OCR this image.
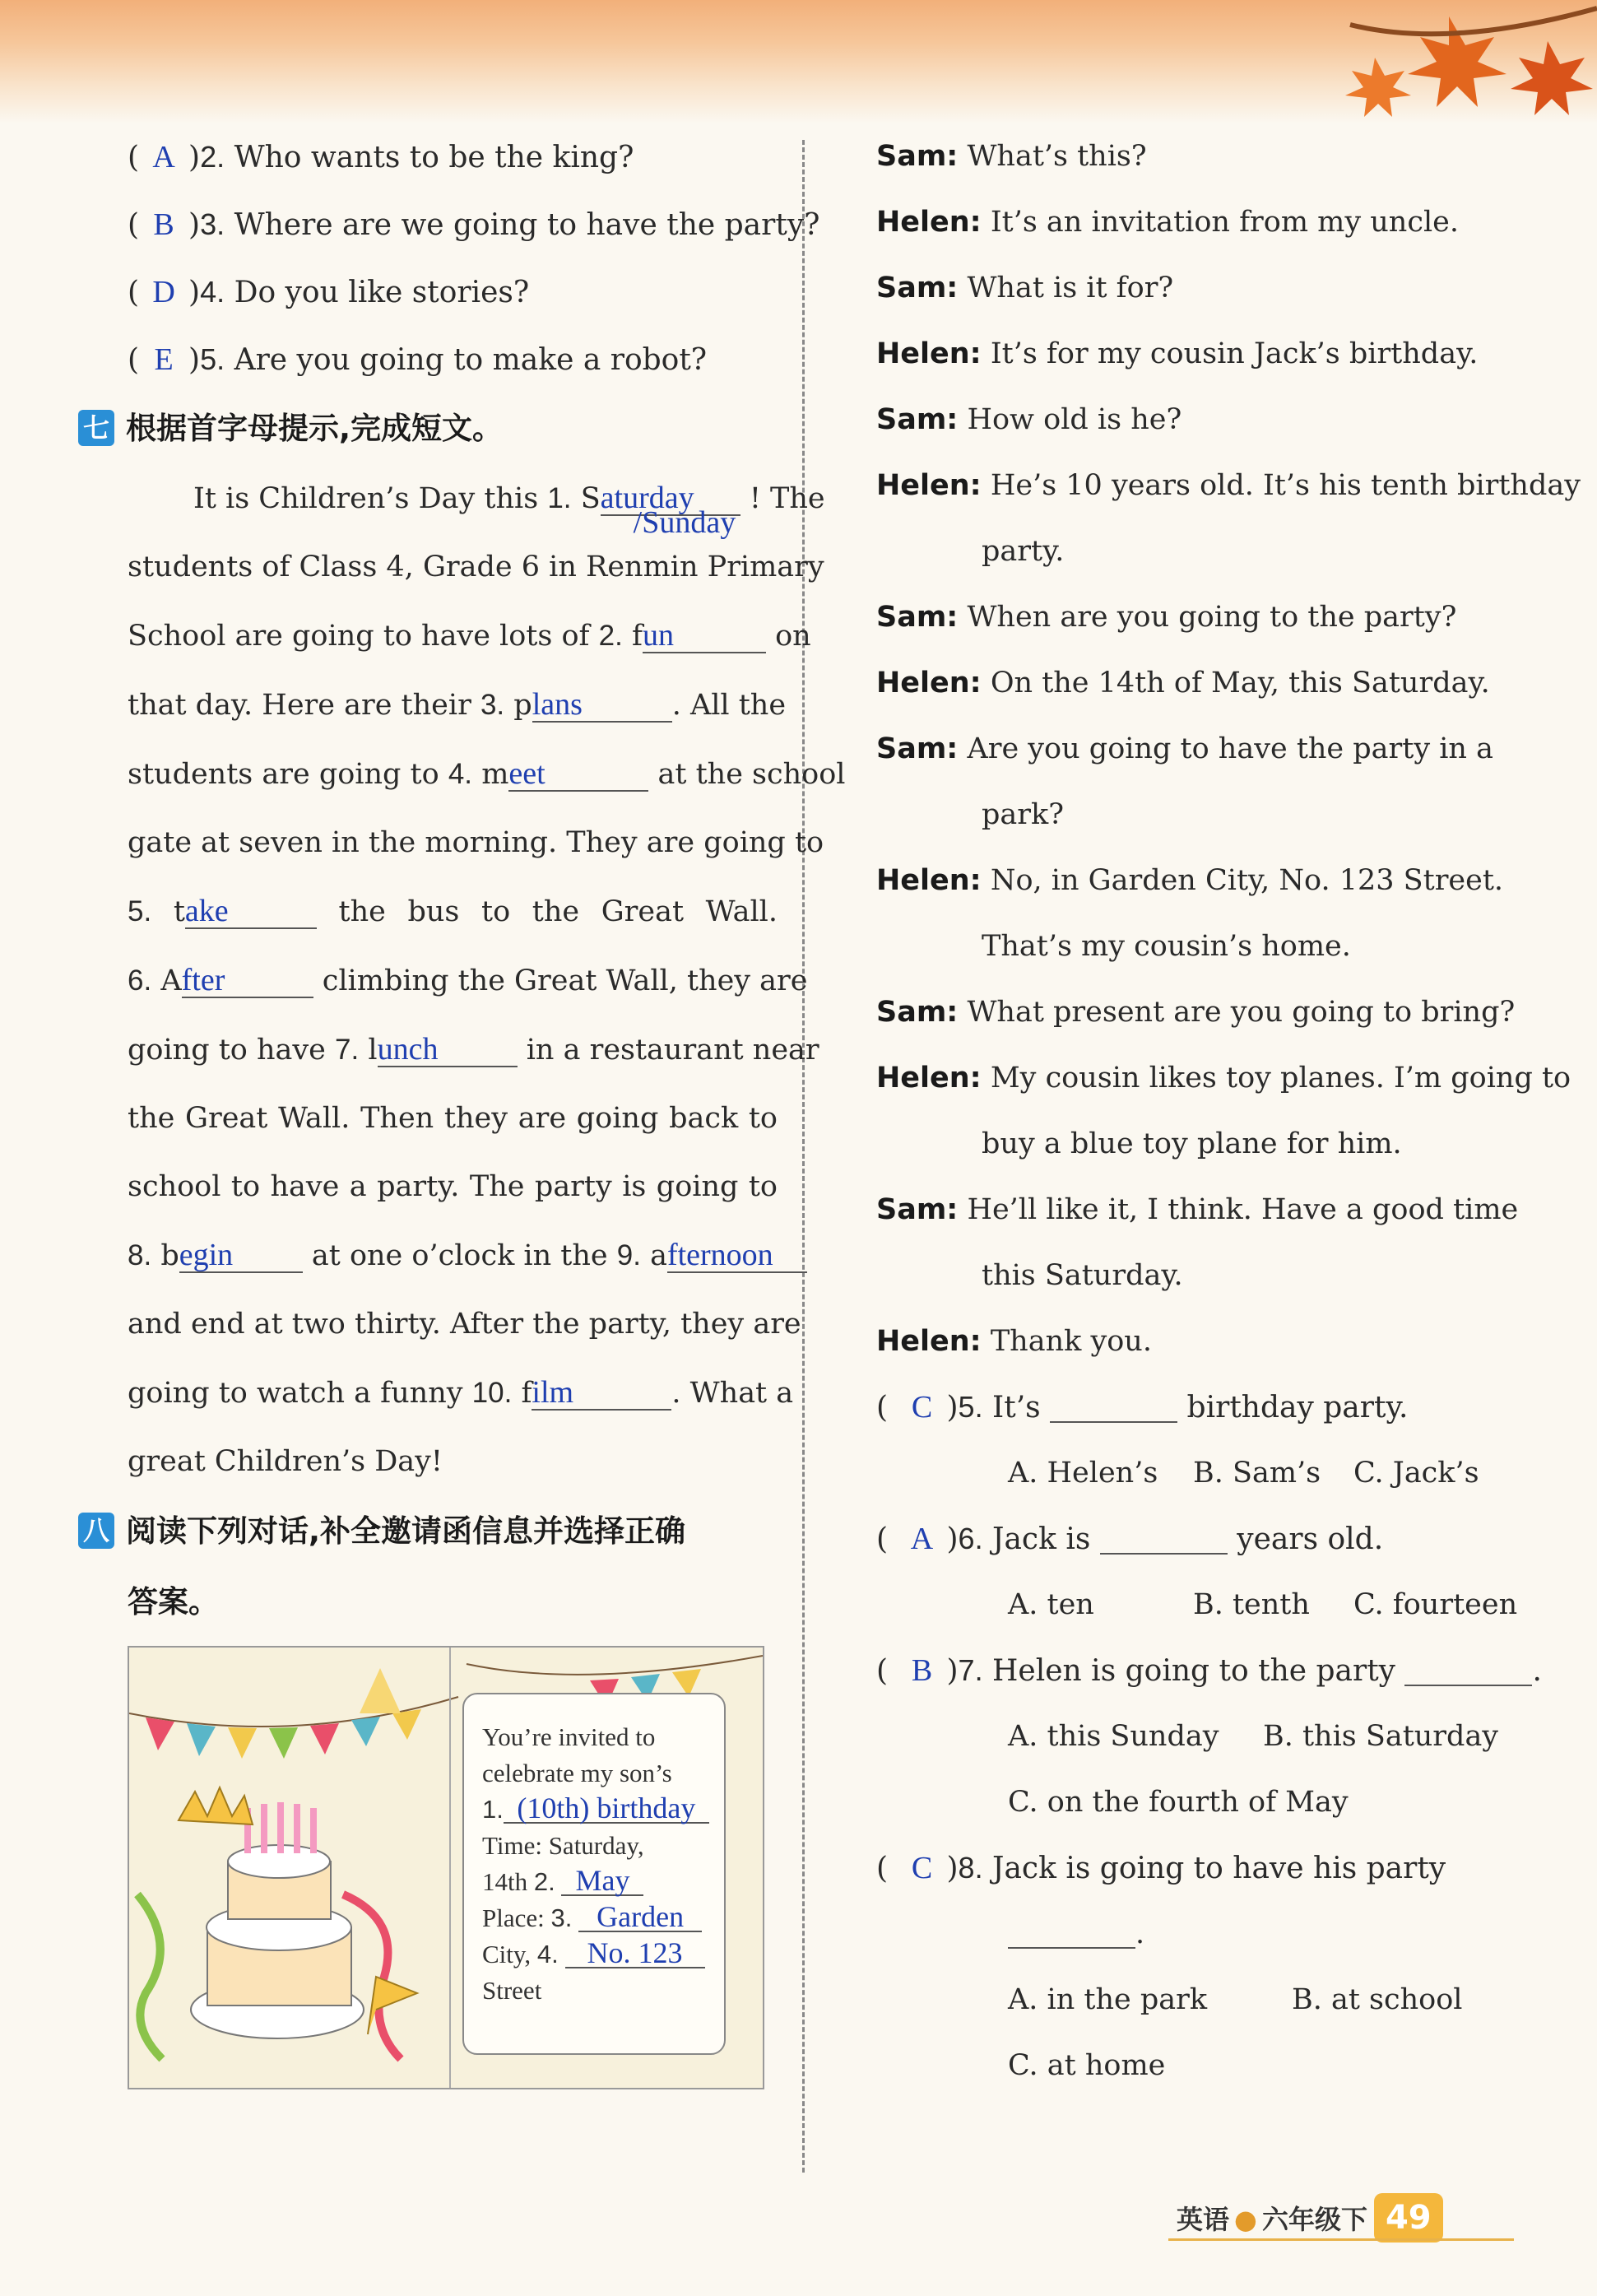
( A )2. Who wants to be the king?
( B )3. Where are we going to have the party?
( D )4. Do you like stories?
( E )5. Are you going to make a robot?
七 根据首字母提示,完成短文。
It is Children’s Day this 1. Saturday
/Sunday
! The
students of Class 4, Grade 6 in Renmin Primary
School are going to have lots of 2. fun	on
that day. Here are their 3. plans	. All the
students are going to 4. meet	at the school
gate at seven in the morning. They are going to
5. take	the bus to the Great Wall.
6. After	climbing the Great Wall, they are
going to have 7. lunch	in a restaurant near
the Great Wall. Then they are going back to
school to have a party. The party is going to
8. begin	at one o’clock in the 9. afternoon
and end at two thirty. After the party, they are
going to watch a funny 10. film	. What a
great Children’s Day!
八 阅读下列对话,补全邀请函信息并选择正确
答案。
You’re invited to
celebrate my son’s
1. (10th) birthday
Time: Saturday,
14th 2. May
Place: 3. Garden
City, 4. No. 123
Street
Sam: What’s this?
Helen: It’s an invitation from my uncle.
Sam: What is it for?
Helen: It’s for my cousin Jack’s birthday.
Sam: How old is he?
Helen: He’s 10 years old. It’s his tenth birthday
party.
Sam: When are you going to the party?
Helen: On the 14th of May, this Saturday.
Sam: Are you going to have the party in a
park?
Helen: No, in Garden City, No. 123 Street.
That’s my cousin’s home.
Sam: What present are you going to bring?
Helen: My cousin likes toy planes. I’m going to
buy a blue toy plane for him.
Sam: He’ll like it, I think. Have a good time
this Saturday.
Helen: Thank you.
( C )5. It’s	birthday party.
A. Helen’s B. Sam’s C. Jack’s
( A )6. Jack is	years old.
A. ten	B. tenth C. fourteen
( B )7. Helen is going to the party	.
A. this Sunday B. this Saturday
C. on the fourth of May
( C )8. Jack is going to have his party
.
A. in the park	B. at school
C. at home
英语 ● 六年级下 49
